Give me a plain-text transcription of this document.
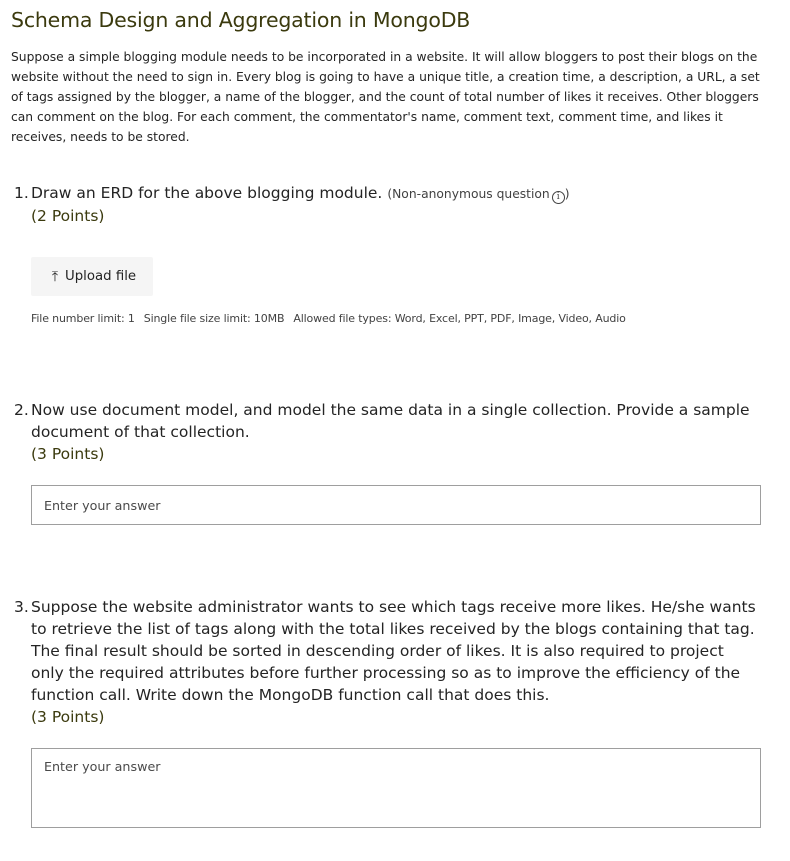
Schema Design and Aggregation in MongoDB
Suppose a simple blogging module needs to be incorporated in a website. It will allow bloggers to post their blogs on the website without the need to sign in. Every blog is going to have a unique title, a creation time, a description, a URL, a set of tags assigned by the blogger, a name of the blogger, and the count of total number of likes it receives. Other bloggers can comment on the blog. For each comment, the commentator's name, comment text, comment time, and likes it receives, needs to be stored.
1. Draw an ERD for the above blogging module. (Non-anonymous question i )
(2 Points)
⤒ Upload file
File number limit: 1 Single file size limit: 10MB Allowed file types: Word, Excel, PPT, PDF, Image, Video, Audio
2. Now use document model, and model the same data in a single collection. Provide a sample document of that collection.
(3 Points)
Enter your answer
3. Suppose the website administrator wants to see which tags receive more likes. He/she wants to retrieve the list of tags along with the total likes received by the blogs containing that tag. The final result should be sorted in descending order of likes. It is also required to project only the required attributes before further processing so as to improve the efficiency of the function call. Write down the MongoDB function call that does this.
(3 Points)
Enter your answer
